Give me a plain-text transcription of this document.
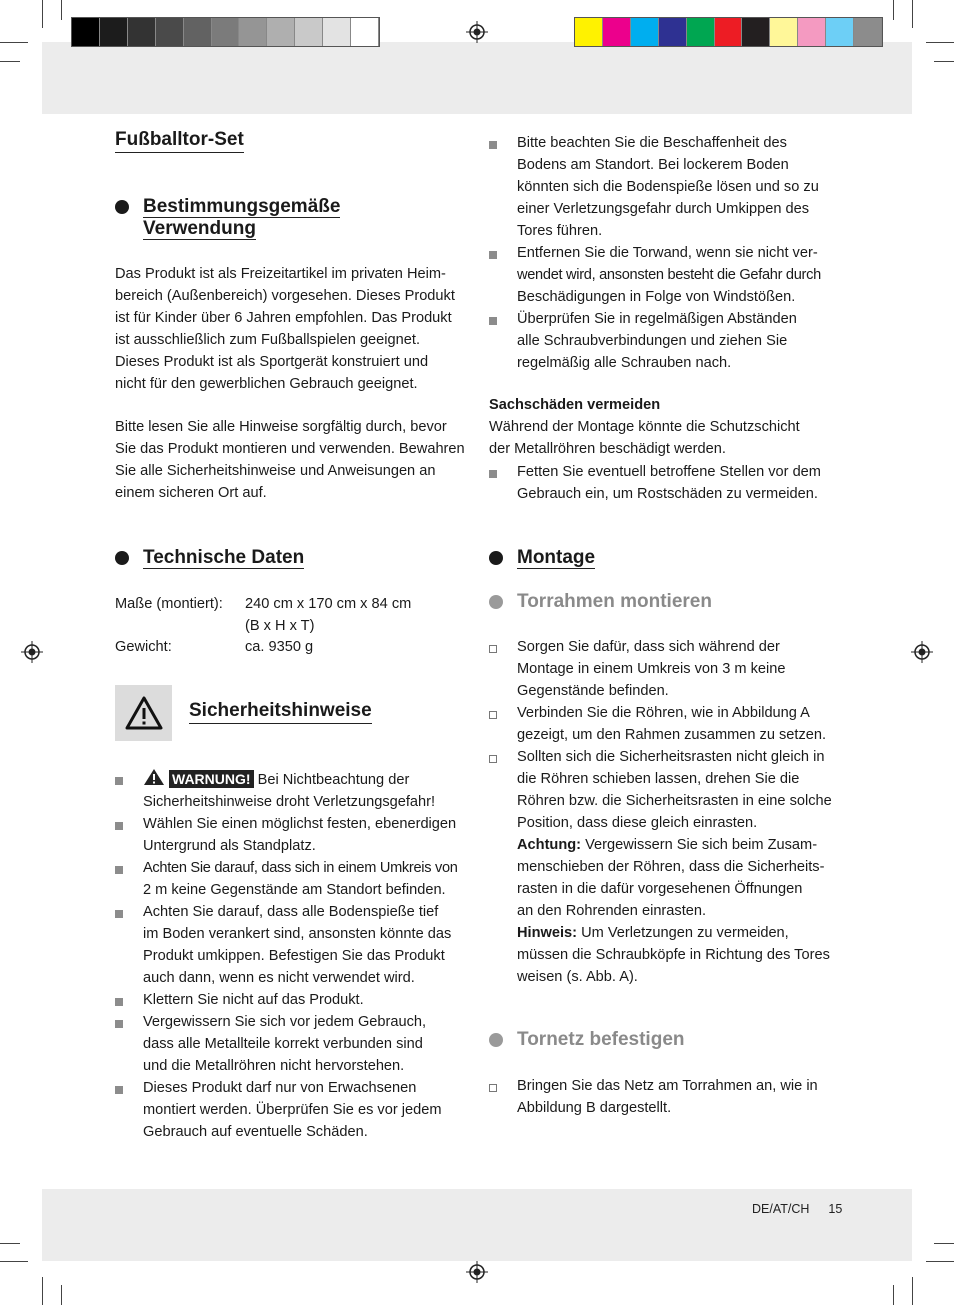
Fußballtor-Set
Bestimmungsgemäße
Verwendung
Das Produkt ist als Freizeitartikel im privaten Heim-
bereich (Außenbereich) vorgesehen. Dieses Produkt
ist für Kinder über 6 Jahren empfohlen. Das Produkt
ist ausschließlich zum Fußballspielen geeignet.
Dieses Produkt ist als Sportgerät konstruiert und
nicht für den gewerblichen Gebrauch geeignet.
Bitte lesen Sie alle Hinweise sorgfältig durch, bevor
Sie das Produkt montieren und verwenden. Bewahren
Sie alle Sicherheitshinweise und Anweisungen an
einem sicheren Ort auf.
Technische Daten
Maße (montiert): 240 cm x 170 cm x 84 cm
(B x H x T)
Gewicht:	ca. 9350 g
Sicherheitshinweise
WARNUNG! Bei Nichtbeachtung der
Sicherheitshinweise droht Verletzungsgefahr!
Wählen Sie einen möglichst festen, ebenerdigen
Untergrund als Standplatz.
Achten Sie darauf, dass sich in einem Umkreis von
2 m keine Gegenstände am Standort befinden.
Achten Sie darauf, dass alle Bodenspieße tief
im Boden verankert sind, ansonsten könnte das
Produkt umkippen. Befestigen Sie das Produkt
auch dann, wenn es nicht verwendet wird.
Klettern Sie nicht auf das Produkt.
Vergewissern Sie sich vor jedem Gebrauch,
dass alle Metallteile korrekt verbunden sind
und die Metallröhren nicht hervorstehen.
Dieses Produkt darf nur von Erwachsenen
montiert werden. Überprüfen Sie es vor jedem
Gebrauch auf eventuelle Schäden.
Bitte beachten Sie die Beschaffenheit des
Bodens am Standort. Bei lockerem Boden
könnten sich die Bodenspieße lösen und so zu
einer Verletzungsgefahr durch Umkippen des
Tores führen.
Entfernen Sie die Torwand, wenn sie nicht ver-
wendet wird, ansonsten besteht die Gefahr durch
Beschädigungen in Folge von Windstößen.
Überprüfen Sie in regelmäßigen Abständen
alle Schraubverbindungen und ziehen Sie
regelmäßig alle Schrauben nach.
Sachschäden vermeiden
Während der Montage könnte die Schutzschicht
der Metallröhren beschädigt werden.
Fetten Sie eventuell betroffene Stellen vor dem
Gebrauch ein, um Rostschäden zu vermeiden.
Montage
Torrahmen montieren
Sorgen Sie dafür, dass sich während der
Montage in einem Umkreis von 3 m keine
Gegenstände befinden.
Verbinden Sie die Röhren, wie in Abbildung A
gezeigt, um den Rahmen zusammen zu setzen.
Sollten sich die Sicherheitsrasten nicht gleich in
die Röhren schieben lassen, drehen Sie die
Röhren bzw. die Sicherheitsrasten in eine solche
Position, dass diese gleich einrasten.
Achtung: Vergewissern Sie sich beim Zusam-
menschieben der Röhren, dass die Sicherheits-
rasten in die dafür vorgesehenen Öffnungen
an den Rohrenden einrasten.
Hinweis: Um Verletzungen zu vermeiden,
müssen die Schraubköpfe in Richtung des Tores
weisen (s. Abb. A).
Tornetz befestigen
Bringen Sie das Netz am Torrahmen an, wie in
Abbildung B dargestellt.
DE/AT/CH 15
